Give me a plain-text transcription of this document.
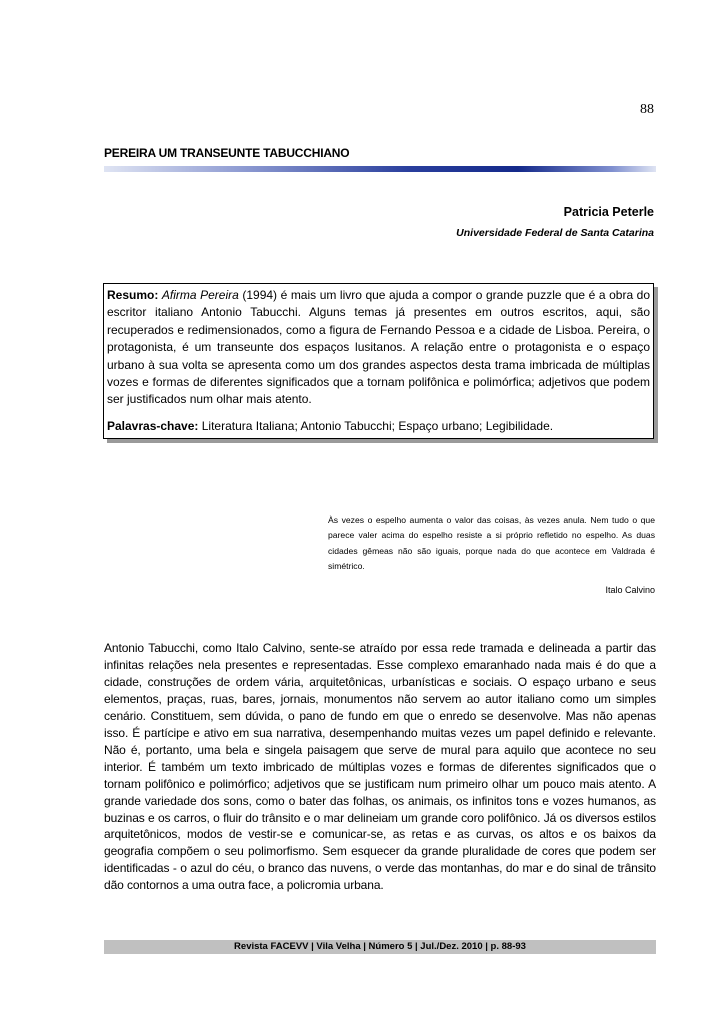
88
PEREIRA UM TRANSEUNTE TABUCCHIANO
Patricia Peterle
Universidade Federal de Santa Catarina

Resumo: Afirma Pereira (1994) é mais um livro que ajuda a compor o grande puzzle que é a obra do escritor italiano Antonio Tabucchi. Alguns temas já presentes em outros escritos, aqui, são recuperados e redimensionados, como a figura de Fernando Pessoa e a cidade de Lisboa. Pereira, o protagonista, é um transeunte dos espaços lusitanos. A relação entre o protagonista e o espaço urbano à sua volta se apresenta como um dos grandes aspectos desta trama imbricada de múltiplas vozes e formas de diferentes significados que a tornam polifônica e polimórfica; adjetivos que podem ser justificados num olhar mais atento.

Palavras-chave: Literatura Italiana; Antonio Tabucchi; Espaço urbano; Legibilidade.

Às vezes o espelho aumenta o valor das coisas, às vezes anula. Nem tudo o que parece valer acima do espelho resiste a si próprio refletido no espelho. As duas cidades gêmeas não são iguais, porque nada do que acontece em Valdrada é simétrico.
Italo Calvino

Antonio Tabucchi, como Italo Calvino, sente-se atraído por essa rede tramada e delineada a partir das infinitas relações nela presentes e representadas. Esse complexo emaranhado nada mais é do que a cidade, construções de ordem vária, arquitetônicas, urbanísticas e sociais. O espaço urbano e seus elementos, praças, ruas, bares, jornais, monumentos não servem ao autor italiano como um simples cenário. Constituem, sem dúvida, o pano de fundo em que o enredo se desenvolve. Mas não apenas isso. É partícipe e ativo em sua narrativa, desempenhando muitas vezes um papel definido e relevante. Não é, portanto, uma bela e singela paisagem que serve de mural para aquilo que acontece no seu interior. É também um texto imbricado de múltiplas vozes e formas de diferentes significados que o tornam polifônico e polimórfico; adjetivos que se justificam num primeiro olhar um pouco mais atento. A grande variedade dos sons, como o bater das folhas, os animais, os infinitos tons e vozes humanos, as buzinas e os carros, o fluir do trânsito e o mar delineiam um grande coro polifônico. Já os diversos estilos arquitetônicos, modos de vestir-se e comunicar-se, as retas e as curvas, os altos e os baixos da geografia compõem o seu polimorfismo. Sem esquecer da grande pluralidade de cores que podem ser identificadas - o azul do céu, o branco das nuvens, o verde das montanhas, do mar e do sinal de trânsito dão contornos a uma outra face, a policromia urbana.

Revista FACEVV | Vila Velha | Número 5 | Jul./Dez. 2010 | p. 88-93
